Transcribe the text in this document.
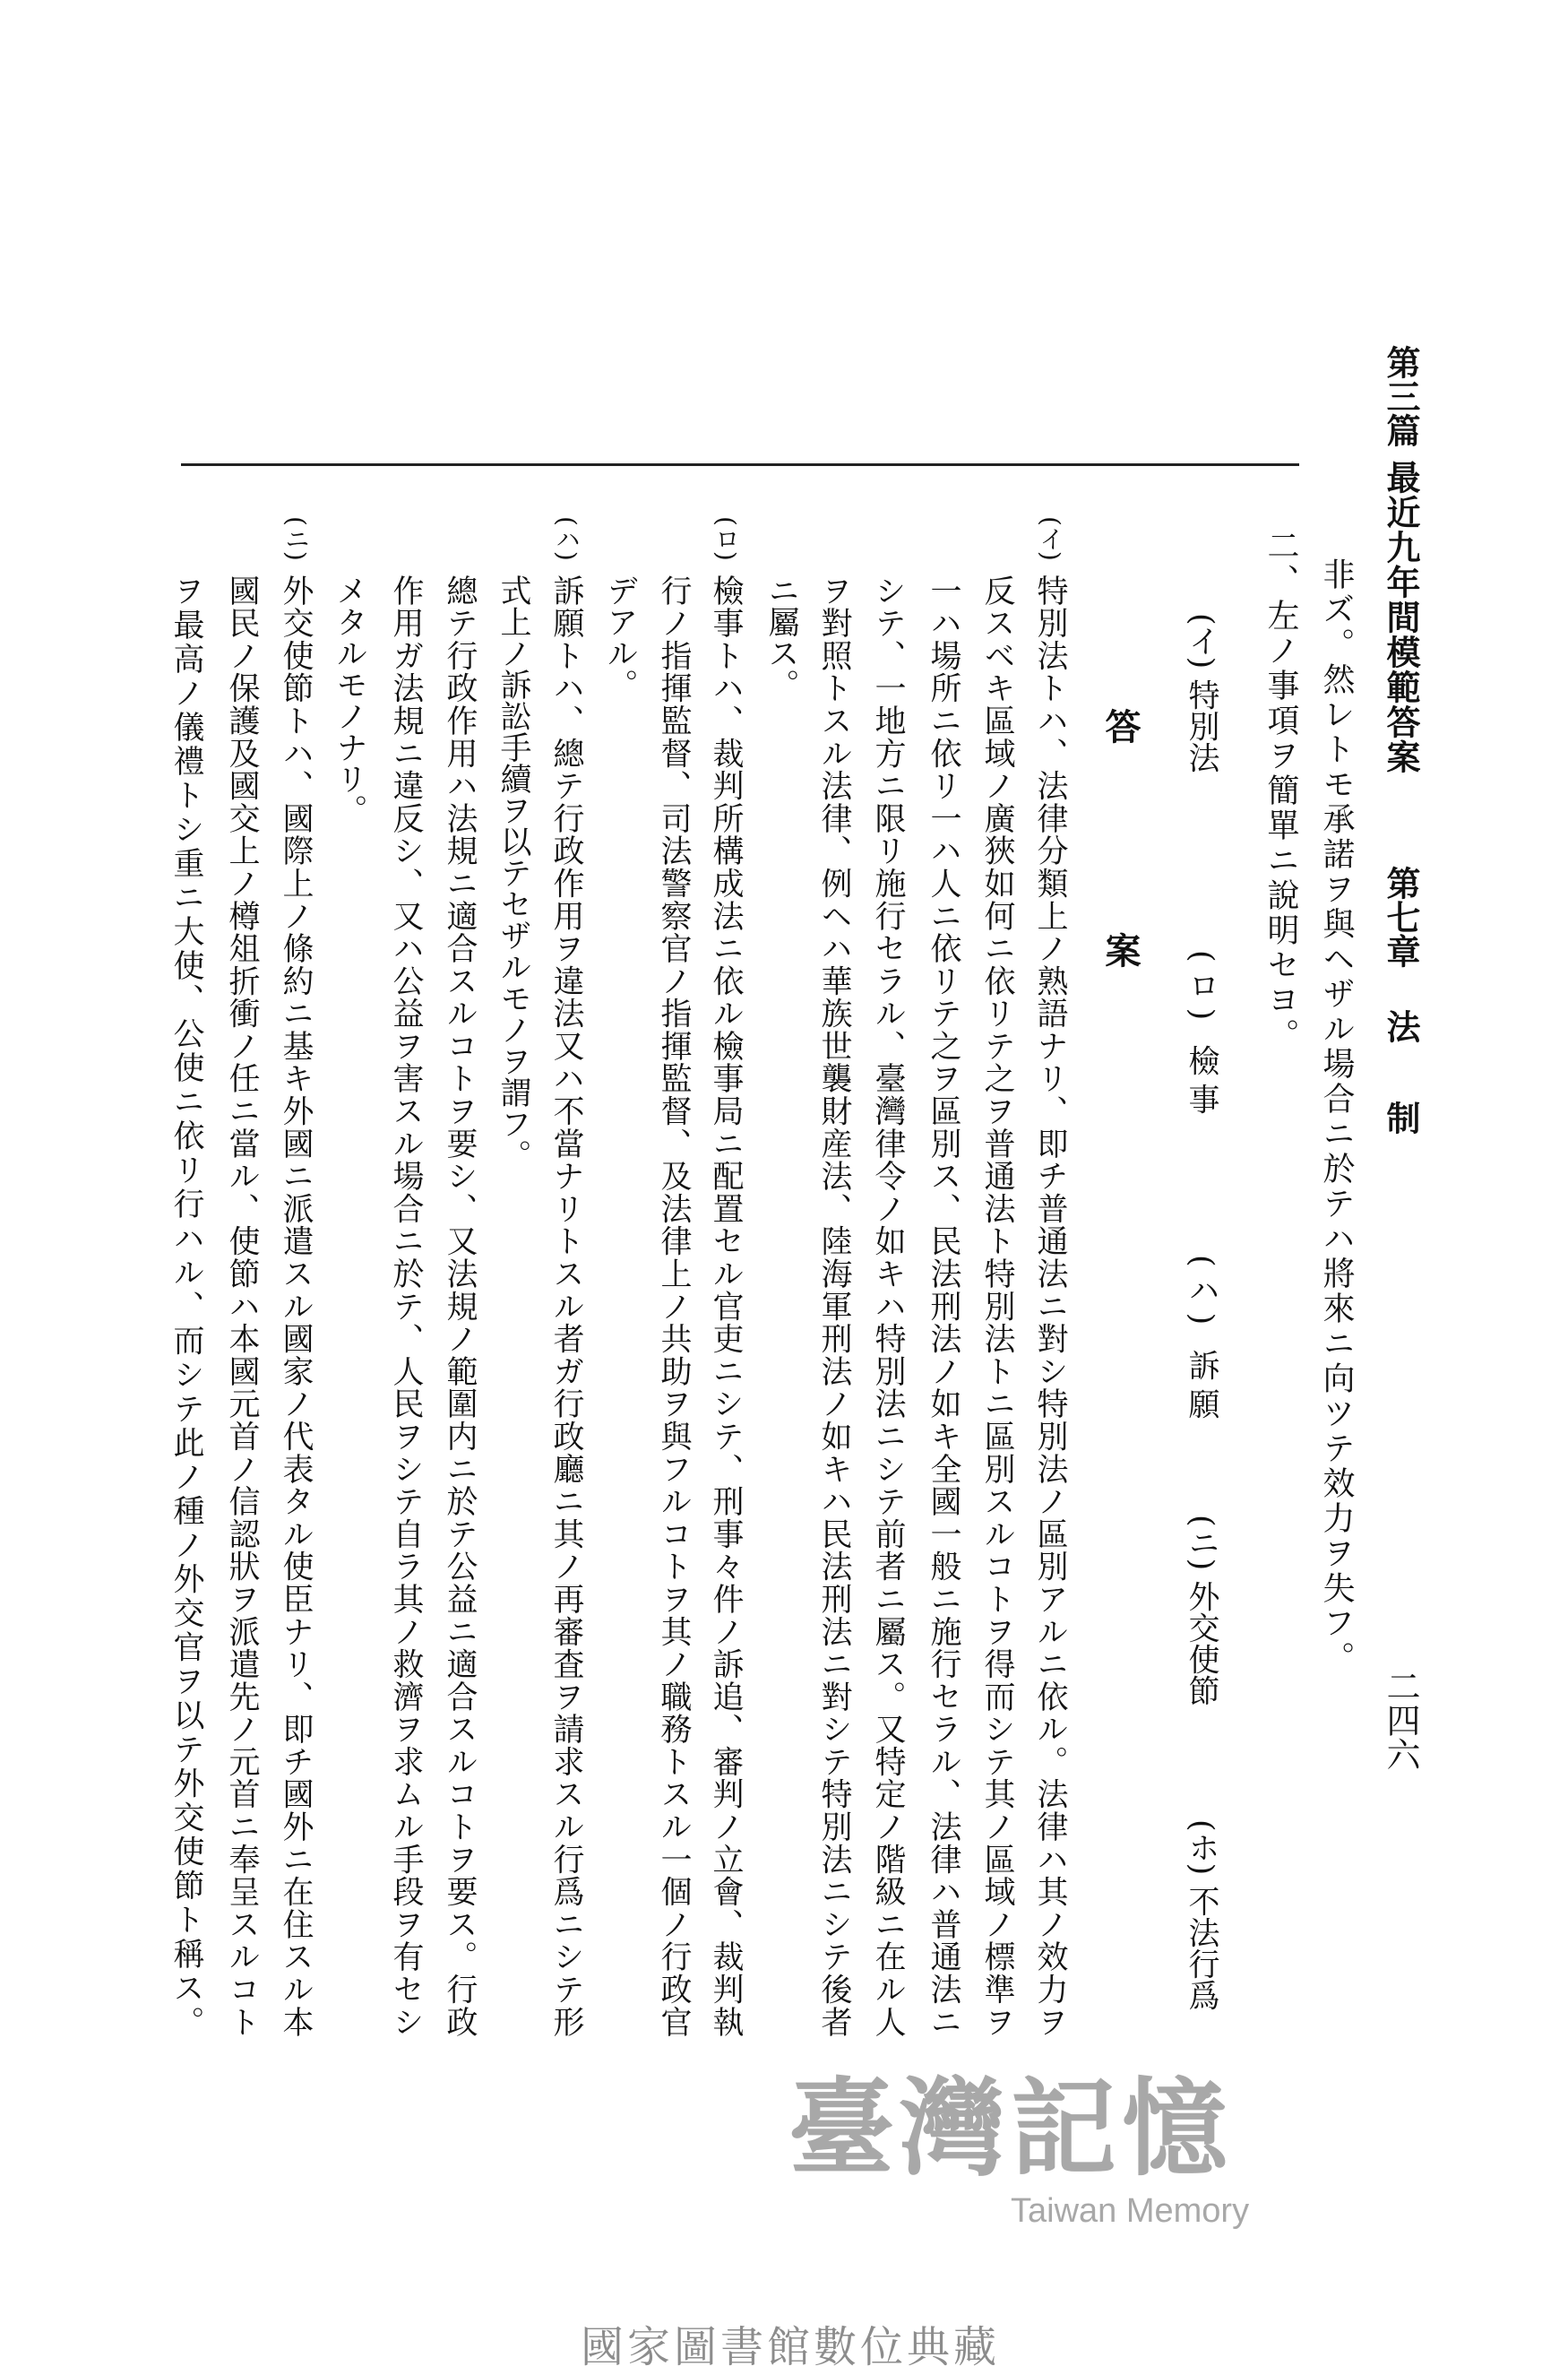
第三篇
最近九年間模範答案
第七章
法
制
二四六
非ズ。然レトモ承諾ヲ與ヘザル場合ニ於テハ將來ニ向ツテ效力ヲ失フ。
二、左ノ事項ヲ簡單ニ說明セヨ。
(イ) 特別法
(ロ) 檢事
(ハ) 訴願
(ニ) 外交使節
(ホ) 不法行爲
答
案
(イ)
特別法トハ、法律分類上ノ熟語ナリ、即チ普通法ニ對シ特別法ノ區別アルニ依ル。法律ハ其ノ效力ヲ
反スベキ區域ノ廣狹如何ニ依リテ之ヲ普通法ト特別法トニ區別スルコトヲ得而シテ其ノ區域ノ標準ヲ
一ハ場所ニ依リ一ハ人ニ依リテ之ヲ區別ス、民法刑法ノ如キ全國一般ニ施行セラル、法律ハ普通法ニ
シテ、一地方ニ限リ施行セラル、臺灣律令ノ如キハ特別法ニシテ前者ニ屬ス。又特定ノ階級ニ在ル人
ヲ對照トスル法律、例ヘハ華族世襲財産法、陸海軍刑法ノ如キハ民法刑法ニ對シテ特別法ニシテ後者
ニ屬ス。
(ロ)
檢事トハ、裁判所構成法ニ依ル檢事局ニ配置セル官吏ニシテ、刑事々件ノ訴追、審判ノ立會、裁判執
行ノ指揮監督、司法警察官ノ指揮監督、及法律上ノ共助ヲ與フルコトヲ其ノ職務トスル一個ノ行政官
デアル。
(ハ)
訴願トハ、總テ行政作用ヲ違法又ハ不當ナリトスル者ガ行政廳ニ其ノ再審査ヲ請求スル行爲ニシテ形
式上ノ訴訟手續ヲ以テセザルモノヲ謂フ。
總テ行政作用ハ法規ニ適合スルコトヲ要シ、又法規ノ範圍内ニ於テ公益ニ適合スルコトヲ要ス。行政
作用ガ法規ニ違反シ、又ハ公益ヲ害スル場合ニ於テ、人民ヲシテ自ラ其ノ救濟ヲ求ムル手段ヲ有セシ
メタルモノナリ。
(ニ)
外交使節トハ、國際上ノ條約ニ基キ外國ニ派遣スル國家ノ代表タル使臣ナリ、即チ國外ニ在住スル本
國民ノ保護及國交上ノ樽俎折衝ノ任ニ當ル、使節ハ本國元首ノ信認狀ヲ派遣先ノ元首ニ奉呈スルコト
ヲ最高ノ儀禮トシ重ニ大使、公使ニ依リ行ハル、而シテ此ノ種ノ外交官ヲ以テ外交使節ト稱ス。
臺灣記憶
Taiwan Memory
國家圖書館數位典藏
